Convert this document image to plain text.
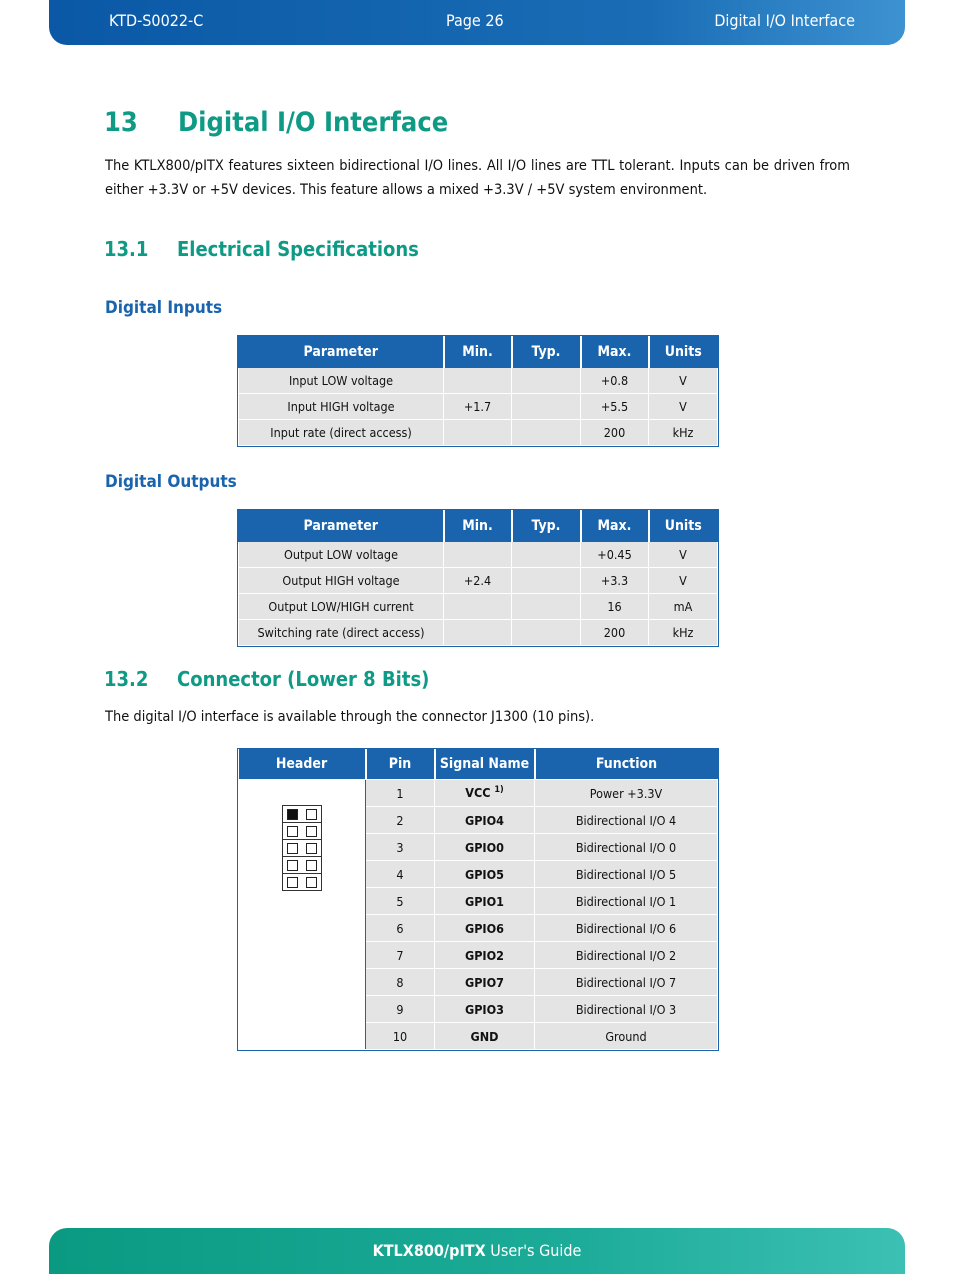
KTD-S0022-C	Page 26	Digital I/O Interface
13 Digital I/O Interface
The KTLX800/pITX features sixteen bidirectional I/O lines. All I/O lines are TTL tolerant. Inputs can be driven from either +3.3V or +5V devices. This feature allows a mixed +3.3V / +5V system environment.
13.1 Electrical Specifications
Digital Inputs
Parameter	Min.	Typ.	Max.	Units
Input LOW voltage			+0.8	V
Input HIGH voltage	+1.7		+5.5	V
Input rate (direct access)			200	kHz
Digital Outputs
Parameter	Min.	Typ.	Max.	Units
Output LOW voltage			+0.45	V
Output HIGH voltage	+2.4		+3.3	V
Output LOW/HIGH current			16	mA
Switching rate (direct access)			200	kHz
13.2 Connector (Lower 8 Bits)
The digital I/O interface is available through the connector J1300 (10 pins).
Header	Pin	Signal Name	Function

	1	VCC $^{1)}$	Power +3.3V
	2	GPIO4	Bidirectional I/O 4
	3	GPIO0	Bidirectional I/O 0
	4	GPIO5	Bidirectional I/O 5
	5	GPIO1	Bidirectional I/O 1
	6	GPIO6	Bidirectional I/O 6
	7	GPIO2	Bidirectional I/O 2
	8	GPIO7	Bidirectional I/O 7
	9	GPIO3	Bidirectional I/O 3
	10	GND	Ground
KTLX800/pITX User's Guide
